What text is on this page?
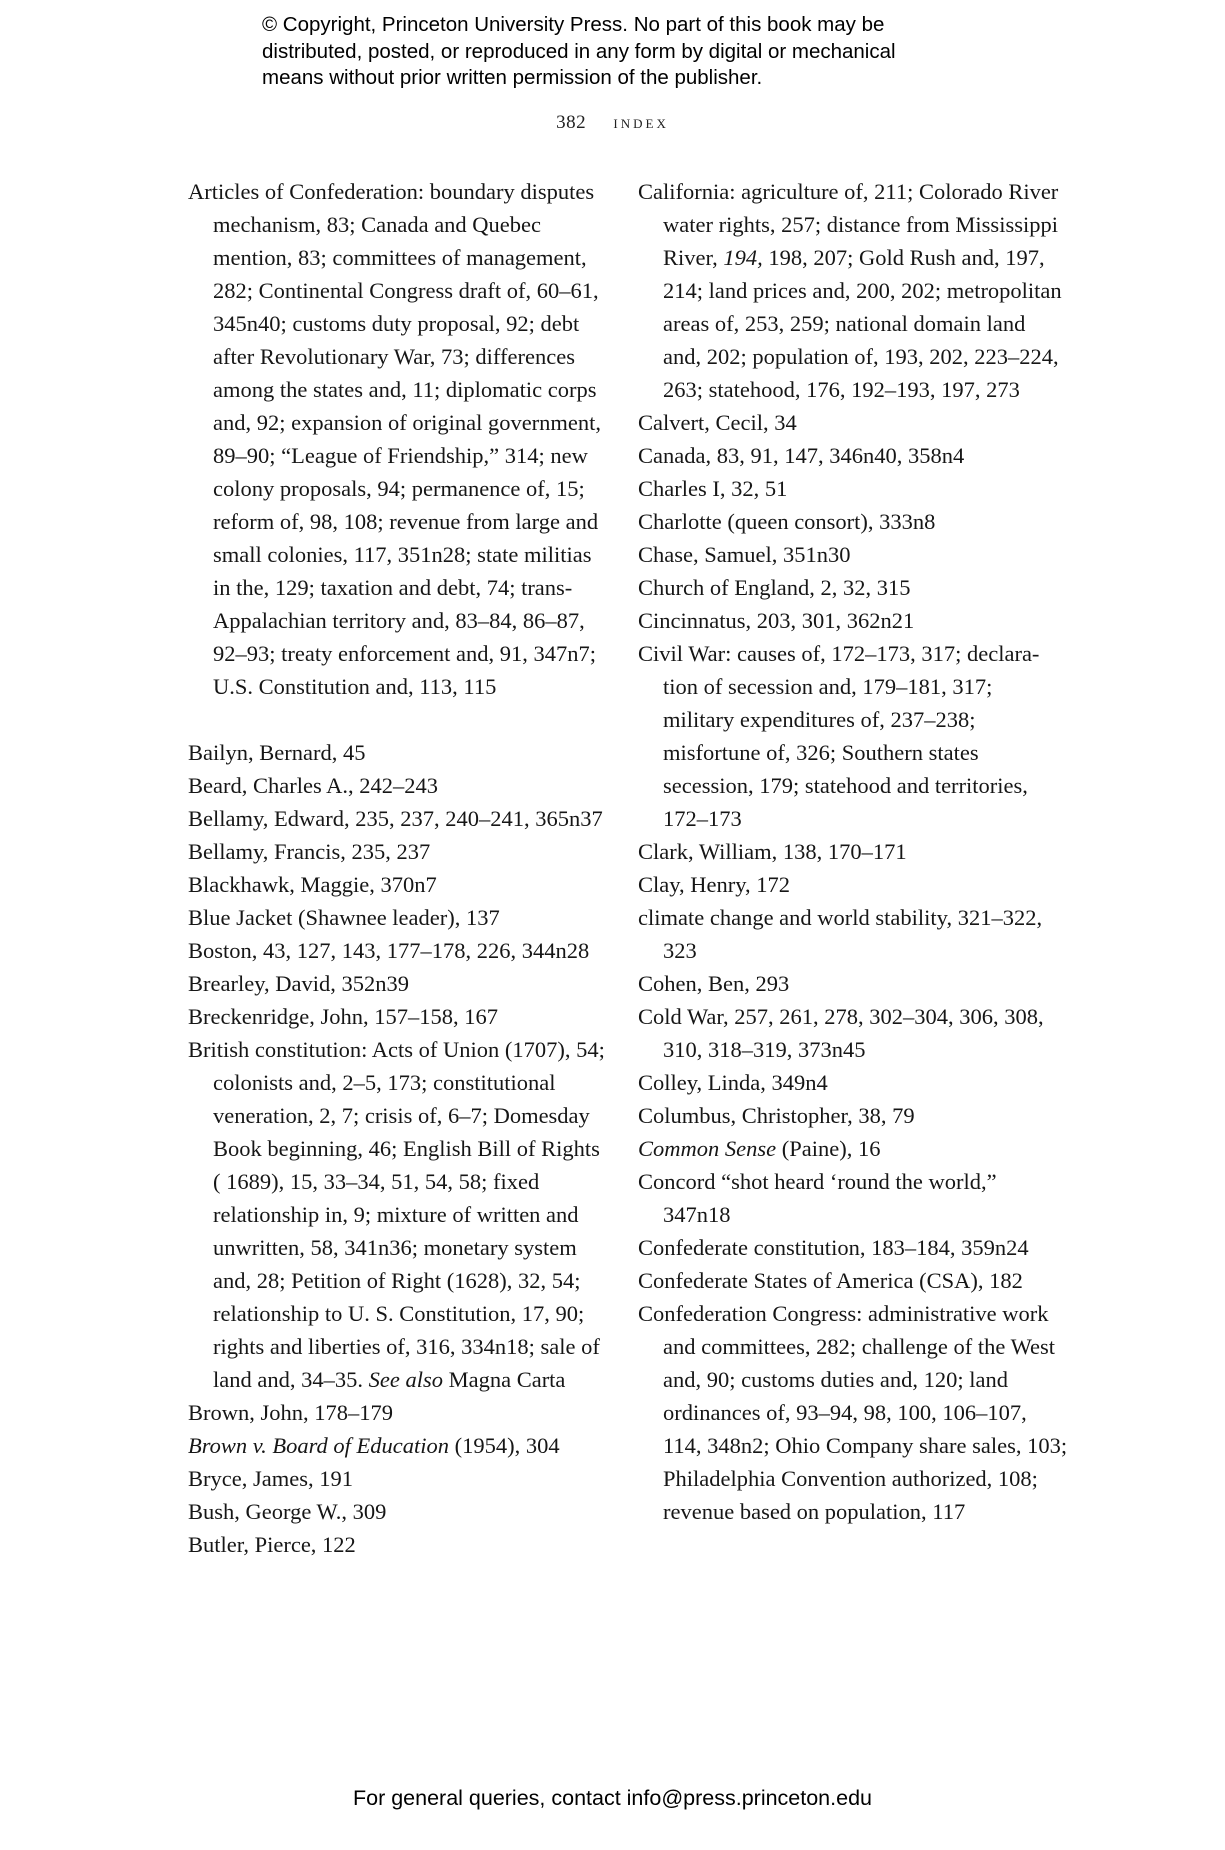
© Copyright, Princeton University Press. No part of this book may be
distributed, posted, or reproduced in any form by digital or mechanical
means without prior written permission of the publisher.
382 index
Articles of Confederation: boundary disputes mechanism, 83; Canada and Quebec mention, 83; committees of management, 282; Continental Congress draft of, 60–61, 345n40; customs duty proposal, 92; debt after Revolutionary War, 73; differences among the states and, 11; diplomatic corps and, 92; expansion of original government, 89–90; “League of Friendship,” 314; new colony proposals, 94; permanence of, 15; reform of, 98, 108; revenue from large and small colonies, 117, 351n28; state militias in the, 129; taxation and debt, 74; trans-Appalachian territory and, 83–84, 86–87, 92–93; treaty enforcement and, 91, 347n7; U.S. Constitution and, 113, 115
Bailyn, Bernard, 45
Beard, Charles A., 242–243
Bellamy, Edward, 235, 237, 240–241, 365n37
Bellamy, Francis, 235, 237
Blackhawk, Maggie, 370n7
Blue Jacket (Shawnee leader), 137
Boston, 43, 127, 143, 177–178, 226, 344n28
Brearley, David, 352n39
Breckenridge, John, 157–158, 167
British constitution: Acts of Union (1707), 54; colonists and, 2–5, 173; constitutional veneration, 2, 7; crisis of, 6–7; Domesday Book beginning, 46; English Bill of Rights ( 1689), 15, 33–34, 51, 54, 58; fixed relationship in, 9; mixture of written and unwritten, 58, 341n36; monetary system and, 28; Petition of Right (1628), 32, 54; relationship to U. S. Constitution, 17, 90; rights and liberties of, 316, 334n18; sale of land and, 34–35. See also Magna Carta
Brown, John, 178–179
Brown v. Board of Education (1954), 304
Bryce, James, 191
Bush, George W., 309
Butler, Pierce, 122
California: agriculture of, 211; Colorado River water rights, 257; distance from Mississippi River, 194, 198, 207; Gold Rush and, 197, 214; land prices and, 200, 202; metropolitan areas of, 253, 259; national domain land and, 202; population of, 193, 202, 223–224, 263; statehood, 176, 192–193, 197, 273
Calvert, Cecil, 34
Canada, 83, 91, 147, 346n40, 358n4
Charles I, 32, 51
Charlotte (queen consort), 333n8
Chase, Samuel, 351n30
Church of England, 2, 32, 315
Cincinnatus, 203, 301, 362n21
Civil War: causes of, 172–173, 317; declara-tion of secession and, 179–181, 317; military expenditures of, 237–238; misfortune of, 326; Southern states secession, 179; statehood and territories, 172–173
Clark, William, 138, 170–171
Clay, Henry, 172
climate change and world stability, 321–322, 323
Cohen, Ben, 293
Cold War, 257, 261, 278, 302–304, 306, 308, 310, 318–319, 373n45
Colley, Linda, 349n4
Columbus, Christopher, 38, 79
Common Sense (Paine), 16
Concord “shot heard ‘round the world,” 347n18
Confederate constitution, 183–184, 359n24
Confederate States of America (CSA), 182
Confederation Congress: administrative work and committees, 282; challenge of the West and, 90; customs duties and, 120; land ordinances of, 93–94, 98, 100, 106–107, 114, 348n2; Ohio Company share sales, 103; Philadelphia Convention authorized, 108; revenue based on population, 117
For general queries, contact info@press.princeton.edu
